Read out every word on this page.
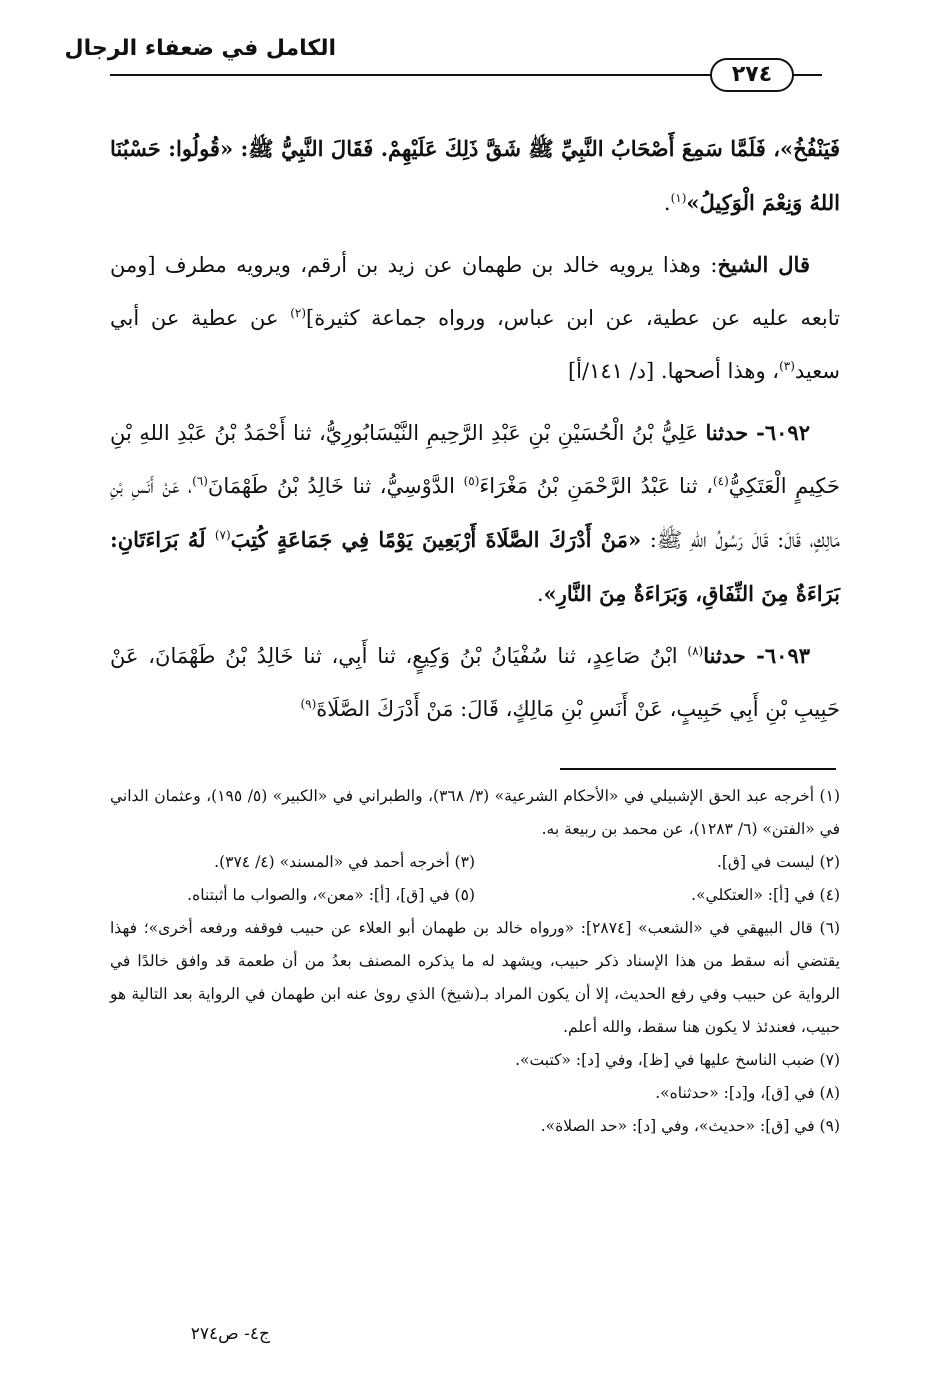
الكامل في ضعفاء الرجال
٢٧٤

فَيَنْفُخُ»، فَلَمَّا سَمِعَ أَصْحَابُ النَّبِيِّ ﷺ شَقَّ ذَلِكَ عَلَيْهِمْ. فَقَالَ النَّبِيُّ ﷺ: «قُولُوا: حَسْبُنَا اللهُ وَنِعْمَ الْوَكِيلُ»$^{(١)}$.

قال الشيخ: وهذا يرويه خالد بن طهمان عن زيد بن أرقم، ويرويه مطرف [ومن تابعه عليه عن عطية، عن ابن عباس، ورواه جماعة كثيرة]$^{(٢)}$ عن عطية عن أبي سعيد$^{(٣)}$، وهذا أصحها. [د/ ١٤١/أ]

٦٠٩٢- حدثنا عَلِيُّ بْنُ الْحُسَيْنِ بْنِ عَبْدِ الرَّحِيمِ النَّيْسَابُورِيُّ، ثنا أَحْمَدُ بْنُ عَبْدِ اللهِ بْنِ حَكِيمٍ الْعَتَكِيُّ$^{(٤)}$، ثنا عَبْدُ الرَّحْمَنِ بْنُ مَغْرَاءَ$^{(٥)}$ الدَّوْسِيُّ، ثنا خَالِدُ بْنُ طَهْمَانَ$^{(٦)}$، عَنْ أَنَسِ بْنِ مَالِكٍ، قَالَ: قَالَ رَسُولُ اللهِ ﷺ: «مَنْ أَدْرَكَ الصَّلَاةَ أَرْبَعِينَ يَوْمًا فِي جَمَاعَةٍ كُتِبَ$^{(٧)}$ لَهُ بَرَاءَتَانِ: بَرَاءَةٌ مِنَ النِّفَاقِ، وَبَرَاءَةٌ مِنَ النَّارِ».

٦٠٩٣- حدثنا$^{(٨)}$ ابْنُ صَاعِدٍ، ثنا سُفْيَانُ بْنُ وَكِيعٍ، ثنا أَبِي، ثنا خَالِدُ بْنُ طَهْمَانَ، عَنْ حَبِيبِ بْنِ أَبِي حَبِيبٍ، عَنْ أَنَسِ بْنِ مَالِكٍ، قَالَ: مَنْ أَدْرَكَ الصَّلَاةَ$^{(٩)}$

(١) أخرجه عبد الحق الإشبيلي في «الأحكام الشرعية» (٣/ ٣٦٨)، والطبراني في «الكبير» (٥/ ١٩٥)، وعثمان الداني في «الفتن» (٦/ ١٢٨٣)، عن محمد بن ربيعة به.

(٢) ليست في [ق].
(٣) أخرجه أحمد في «المسند» (٤/ ٣٧٤).
(٤) في [أ]: «العتكلي».
(٥) في [ق]، [أ]: «معن»، والصواب ما أثبتناه.

(٦) قال البيهقي في «الشعب» [٢٨٧٤]: «ورواه خالد بن طهمان أبو العلاء عن حبيب فوقفه ورفعه أخرى»؛ فهذا يقتضي أنه سقط من هذا الإسناد ذكر حبيب، ويشهد له ما يذكره المصنف بعدُ من أن طعمة قد وافق خالدًا في الرواية عن حبيب وفي رفع الحديث، إلا أن يكون المراد بـ(شيخ) الذي روىٰ عنه ابن طهمان في الرواية بعد التالية هو حبيب، فعندئذ لا يكون هنا سقط، والله أعلم.

(٧) ضبب الناسخ عليها في [ظ]، وفي [د]: «كتبت».

(٨) في [ق]، و[د]: «حدثناه».

(٩) في [ق]: «حديث»، وفي [د]: «حد الصلاة».

ج٤- ص٢٧٤
